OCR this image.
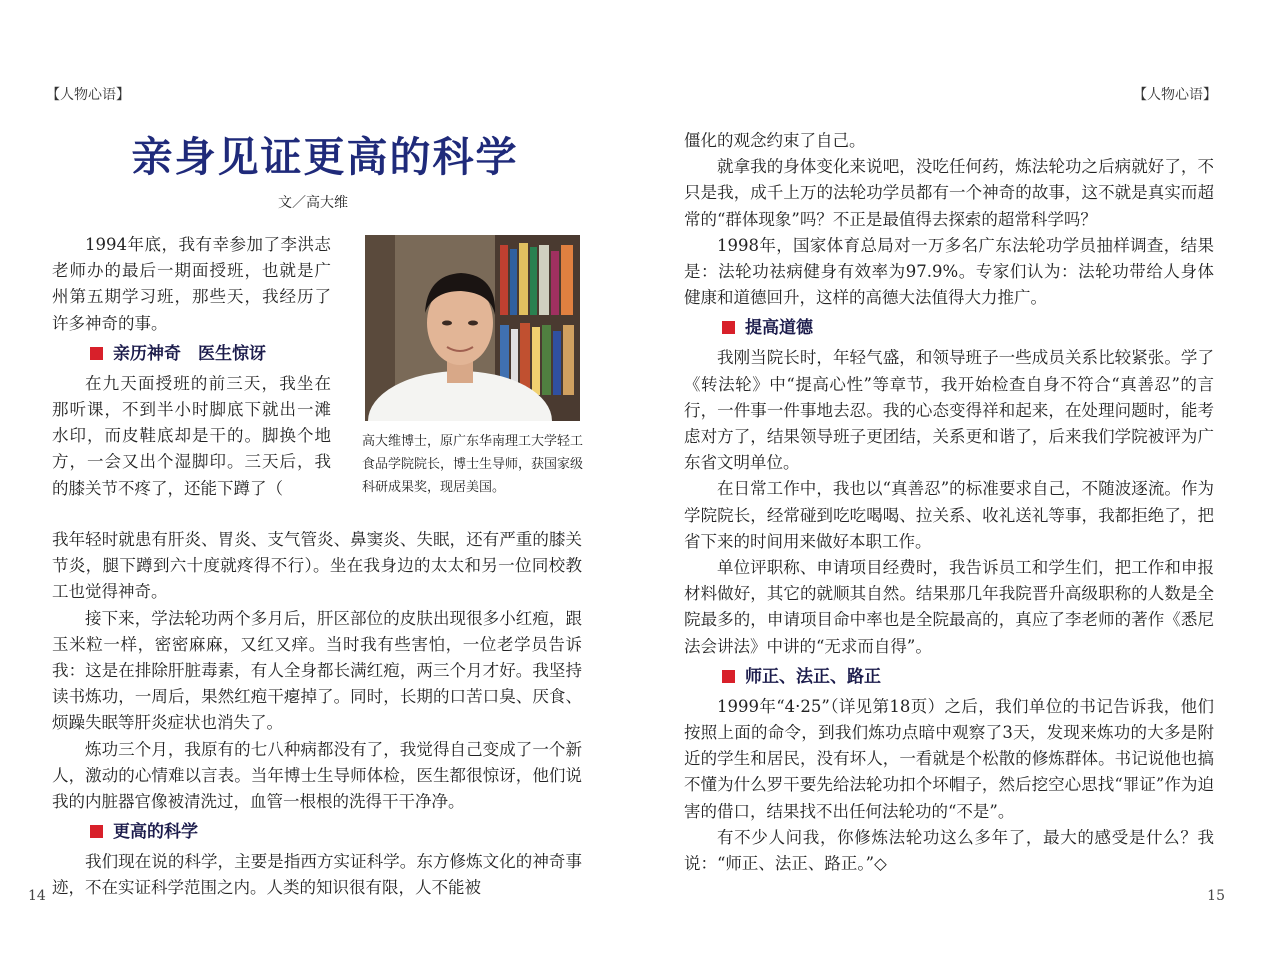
【人物心语】
亲身见证更高的科学
文／高大维

1994年底，我有幸参加了李洪志老师办的最后一期面授班，也就是广州第五期学习班，那些天，我经历了许多神奇的事。

亲历神奇　医生惊讶

在九天面授班的前三天，我坐在那听课，不到半小时脚底下就出一滩水印，而皮鞋底却是干的。脚换个地方，一会又出个湿脚印。三天后，我的膝关节不疼了，还能下蹲了（

高大维博士，原广东华南理工大学轻工食品学院院长，博士生导师，获国家级科研成果奖，现居美国。

我年轻时就患有肝炎、胃炎、支气管炎、鼻窦炎、失眠，还有严重的膝关节炎，腿下蹲到六十度就疼得不行）。坐在我身边的太太和另一位同校教工也觉得神奇。

接下来，学法轮功两个多月后，肝区部位的皮肤出现很多小红疱，跟玉米粒一样，密密麻麻，又红又痒。当时我有些害怕，一位老学员告诉我：这是在排除肝脏毒素，有人全身都长满红疱，两三个月才好。我坚持读书炼功，一周后，果然红疱干瘪掉了。同时，长期的口苦口臭、厌食、烦躁失眠等肝炎症状也消失了。

炼功三个月，我原有的七八种病都没有了，我觉得自己变成了一个新人，激动的心情难以言表。当年博士生导师体检，医生都很惊讶，他们说我的内脏器官像被清洗过，血管一根根的洗得干干净净。

更高的科学

我们现在说的科学，主要是指西方实证科学。东方修炼文化的神奇事迹，不在实证科学范围之内。人类的知识很有限，人不能被

14
【人物心语】

僵化的观念约束了自己。

就拿我的身体变化来说吧，没吃任何药，炼法轮功之后病就好了，不只是我，成千上万的法轮功学员都有一个神奇的故事，这不就是真实而超常的“群体现象”吗？不正是最值得去探索的超常科学吗？

1998年，国家体育总局对一万多名广东法轮功学员抽样调查，结果是：法轮功祛病健身有效率为97.9%。专家们认为：法轮功带给人身体健康和道德回升，这样的高德大法值得大力推广。

提高道德

我刚当院长时，年轻气盛，和领导班子一些成员关系比较紧张。学了《转法轮》中“提高心性”等章节，我开始检查自身不符合“真善忍”的言行，一件事一件事地去忍。我的心态变得祥和起来，在处理问题时，能考虑对方了，结果领导班子更团结，关系更和谐了，后来我们学院被评为广东省文明单位。

在日常工作中，我也以“真善忍”的标准要求自己，不随波逐流。作为学院院长，经常碰到吃吃喝喝、拉关系、收礼送礼等事，我都拒绝了，把省下来的时间用来做好本职工作。

单位评职称、申请项目经费时，我告诉员工和学生们，把工作和申报材料做好，其它的就顺其自然。结果那几年我院晋升高级职称的人数是全院最多的，申请项目命中率也是全院最高的，真应了李老师的著作《悉尼法会讲法》中讲的“无求而自得”。

师正、法正、路正

1999年“4·25”（详见第18页）之后，我们单位的书记告诉我，他们按照上面的命令，到我们炼功点暗中观察了3天，发现来炼功的大多是附近的学生和居民，没有坏人，一看就是个松散的修炼群体。书记说他也搞不懂为什么罗干要先给法轮功扣个坏帽子，然后挖空心思找“罪证”作为迫害的借口，结果找不出任何法轮功的“不是”。

有不少人问我，你修炼法轮功这么多年了，最大的感受是什么？我说：“师正、法正、路正。”◇

15
